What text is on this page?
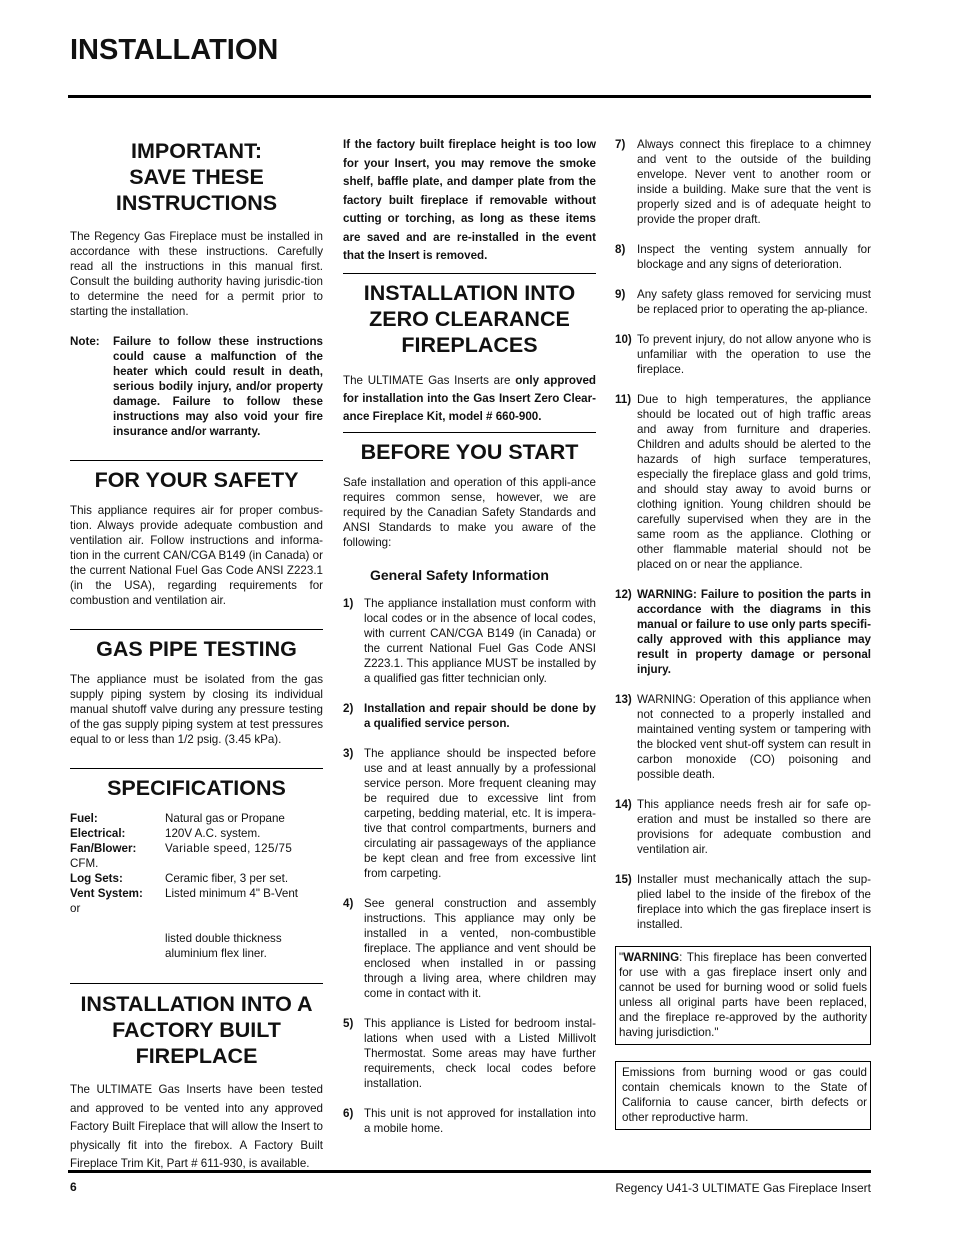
INSTALLATION
IMPORTANT:
SAVE THESE
INSTRUCTIONS

The Regency Gas Fireplace must be installed in accordance with these instructions. Carefully read all the instructions in this manual first. Consult the building authority having jurisdic-tion to determine the need for a permit prior to starting the installation.

Note:	Failure to follow these instructions could cause a malfunction of the heater which could result in death, serious bodily injury, and/or property damage. Failure to follow these instructions may also void your fire insurance and/or warranty.
FOR YOUR SAFETY

This appliance requires air for proper combus-tion. Always provide adequate combustion and ventilation air. Follow instructions and informa-tion in the current CAN/CGA B149 (in Canada) or the current National Fuel Gas Code ANSI Z223.1 (in the USA), regarding requirements for combustion and ventilation air.

GAS PIPE TESTING

The appliance must be isolated from the gas supply piping system by closing its individual manual shutoff valve during any pressure testing of the gas supply piping system at test pressures equal to or less than 1/2 psig. (3.45 kPa).

SPECIFICATIONS
Fuel:	Natural gas or Propane
Electrical:	120V A.C. system.
Fan/Blower:	Variable speed, 125/75
CFM.
Log Sets:	Ceramic fiber, 3 per set.
Vent System:	Listed minimum 4" B-Vent
or
listed double thickness
aluminium flex liner.
INSTALLATION INTO A
FACTORY BUILT
FIREPLACE

The ULTIMATE Gas Inserts have been tested and approved to be vented into any approved Factory Built Fireplace that will allow the Insert to physically fit into the firebox. A Factory Built Fireplace Trim Kit, Part # 611-930, is available.

If the factory built fireplace height is too low for your Insert, you may remove the smoke shelf, baffle plate, and damper plate from the factory built fireplace if removable without cutting or torching, as long as these items are saved and are re-installed in the event that the Insert is removed.

INSTALLATION INTO
ZERO CLEARANCE
FIREPLACES

The ULTIMATE Gas Inserts are only approved for installation into the Gas Insert Zero Clear-ance Fireplace Kit, model # 660-900.

BEFORE YOU START

Safe installation and operation of this appli-ance requires common sense, however, we are required by the Canadian Safety Standards and ANSI Standards to make you aware of the following:

General Safety Information
1) The appliance installation must conform with local codes or in the absence of local codes, with current CAN/CGA B149 (in Canada) or the current National Fuel Gas Code ANSI Z223.1. This appliance MUST be installed by a qualified gas fitter technician only.
2) Installation and repair should be done by a qualified service person.
3) The appliance should be inspected before use and at least annually by a professional service person. More frequent cleaning may be required due to excessive lint from carpeting, bedding material, etc. It is impera-tive that control compartments, burners and circulating air passageways of the appliance be kept clean and free from excessive lint from carpeting.
4) See general construction and assembly instructions. This appliance may only be installed in a vented, non-combustible fireplace. The appliance and vent should be enclosed when installed in or passing through a living area, where children may come in contact with it.
5) This appliance is Listed for bedroom instal-lations when used with a Listed Millivolt Thermostat. Some areas may have further requirements, check local codes before installation.
6) This unit is not approved for installation into a mobile home.
7)	Always connect this fireplace to a chimney and vent to the outside of the building envelope. Never vent to another room or inside a building. Make sure that the vent is properly sized and is of adequate height to provide the proper draft.
8)	Inspect the venting system annually for blockage and any signs of deterioration.
9)	Any safety glass removed for servicing must be replaced prior to operating the ap-pliance.
10) To prevent injury, do not allow anyone who is unfamiliar with the operation to use the fireplace.
11) Due to high temperatures, the appliance should be located out of high traffic areas and away from furniture and draperies. Children and adults should be alerted to the hazards of high surface temperatures, especially the fireplace glass and gold trims, and should stay away to avoid burns or clothing ignition. Young children should be carefully supervised when they are in the same room as the appliance. Clothing or other flammable material should not be placed on or near the appliance.
12) WARNING: Failure to position the parts in accordance with the diagrams in this manual or failure to use only parts specifi-cally approved with this appliance may result in property damage or personal injury.
13) WARNING: Operation of this appliance when not connected to a properly installed and maintained venting system or tampering with the blocked vent shut-off system can result in carbon monoxide (CO) poisoning and possible death.
14) This appliance needs fresh air for safe op-eration and must be installed so there are provisions for adequate combustion and ventilation air.
15) Installer must mechanically attach the sup-plied label to the inside of the firebox of the fireplace into which the gas fireplace insert is installed.
"WARNING: This fireplace has been converted for use with a gas fireplace insert only and cannot be used for burning wood or solid fuels unless all original parts have been replaced, and the fireplace re-approved by the authority having jurisdiction."
Emissions from burning wood or gas could contain chemicals known to the State of California to cause cancer, birth defects or other reproductive harm.
6	Regency U41-3 ULTIMATE Gas Fireplace Insert
